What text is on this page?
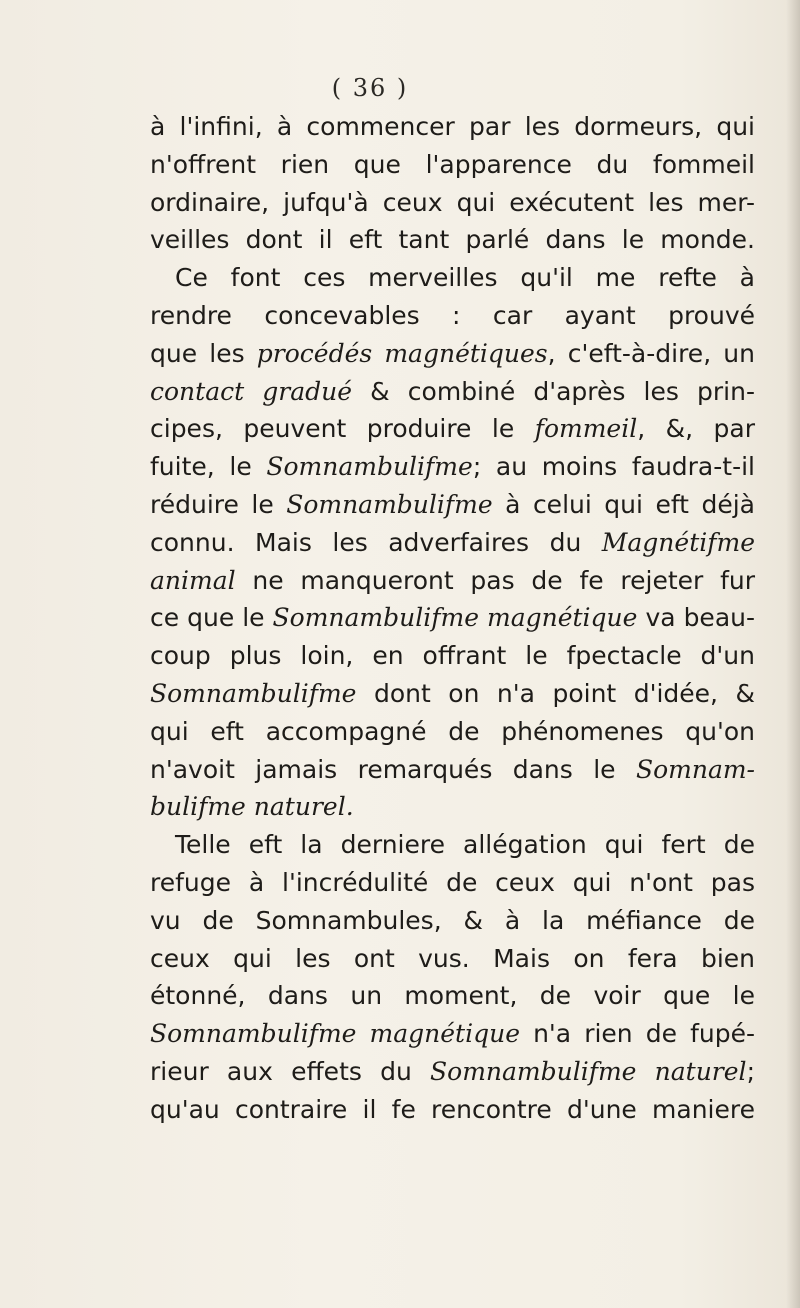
( 36 )
à l'infini, à commencer par les dormeurs, qui
n'offrent rien que l'apparence du fommeil
ordinaire, jufqu'à ceux qui exécutent les mer-
veilles dont il eft tant parlé dans le monde.
Ce font ces merveilles qu'il me refte à
rendre concevables : car ayant prouvé
que les procédés magnétiques, c'eft-à-dire, un
contact gradué & combiné d'après les prin-
cipes, peuvent produire le fommeil, &, par
fuite, le Somnambulifme; au moins faudra-t-il
réduire le Somnambulifme à celui qui eft déjà
connu. Mais les adverfaires du Magnétifme
animal ne manqueront pas de fe rejeter fur
ce que le Somnambulifme magnétique va beau-
coup plus loin, en offrant le fpectacle d'un
Somnambulifme dont on n'a point d'idée, &
qui eft accompagné de phénomenes qu'on
n'avoit jamais remarqués dans le Somnam-
bulifme naturel.
Telle eft la derniere allégation qui fert de
refuge à l'incrédulité de ceux qui n'ont pas
vu de Somnambules, & à la méfiance de
ceux qui les ont vus. Mais on fera bien
étonné, dans un moment, de voir que le
Somnambulifme magnétique n'a rien de fupé-
rieur aux effets du Somnambulifme naturel;
qu'au contraire il fe rencontre d'une maniere
